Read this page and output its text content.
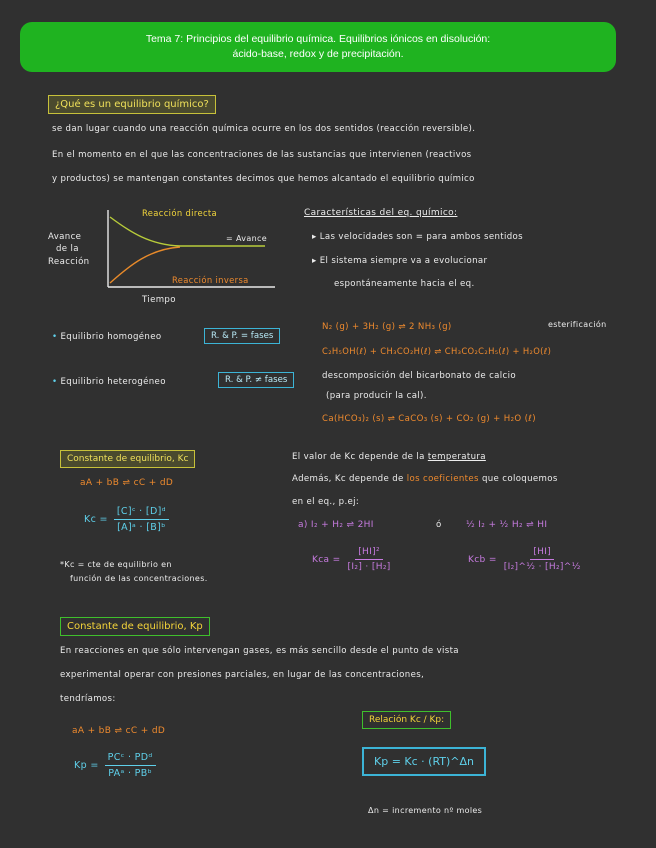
Tema 7: Principios del equilibrio química. Equilibrios iónicos en disolución:
ácido-base, redox y de precipitación.
¿Qué es un equilibrio químico?
se dan lugar cuando una reacción química ocurre en los dos sentidos (reacción reversible).
En el momento en el que las concentraciones de las sustancias que intervienen (reactivos
y productos) se mantengan constantes decimos que hemos alcantado el equilibrio químico
Avance
de la
Reacción
Reacción directa
= Avance
Reacción inversa
Tiempo
Características del eq. químico:
▸ Las velocidades son = para ambos sentidos
▸ El sistema siempre va a evolucionar
espontáneamente hacia el eq.
• Equilibrio homogéneo	R. & P. = fases
N₂ (g) + 3H₂ (g) ⇌ 2 NH₃ (g)	esterificación
C₂H₅OH(ℓ) + CH₃CO₂H(ℓ) ⇌ CH₃CO₂C₂H₅(ℓ) + H₂O(ℓ)
• Equilibrio heterogéneo	R. & P. ≠ fases	descomposición del bicarbonato de calcio
(para producir la cal).
Ca(HCO₃)₂ (s) ⇌ CaCO₃ (s) + CO₂ (g) + H₂O (ℓ)
Constante de equilibrio, Kc
aA + bB ⇌ cC + dD
$Kc = \frac{\text{[C]ᶜ · [D]ᵈ}}{\text{[A]ᵃ · [B]ᵇ}}$
*Kc = cte de equilibrio en
función de las concentraciones.
El valor de Kc depende de la temperatura
Además, Kc depende de los coeficientes que coloquemos
en el eq., p.ej:
a) I₂ + H₂ ⇌ 2HI	ó	½ I₂ + ½ H₂ ⇌ HI
Kca = $\frac{\text{[HI]²}}{\text{[I₂] · [H₂]}}$	Kcb = $\frac{[HI]}{\text{[I₂]\textasciicircum{}½ · [H₂]\textasciicircum{}½}}$
Constante de equilibrio, Kp
En reacciones en que sólo intervengan gases, es más sencillo desde el punto de vista
experimental operar con presiones parciales, en lugar de las concentraciones,
tendríamos:
aA + bB ⇌ cC + dD
$Kp = \frac{\text{PCᶜ · PDᵈ}}{\text{PAᵃ · PBᵇ}}$
Relación Kc / Kp:
Kp = Kc · (RT)^Δn
Δn = incremento nº moles
